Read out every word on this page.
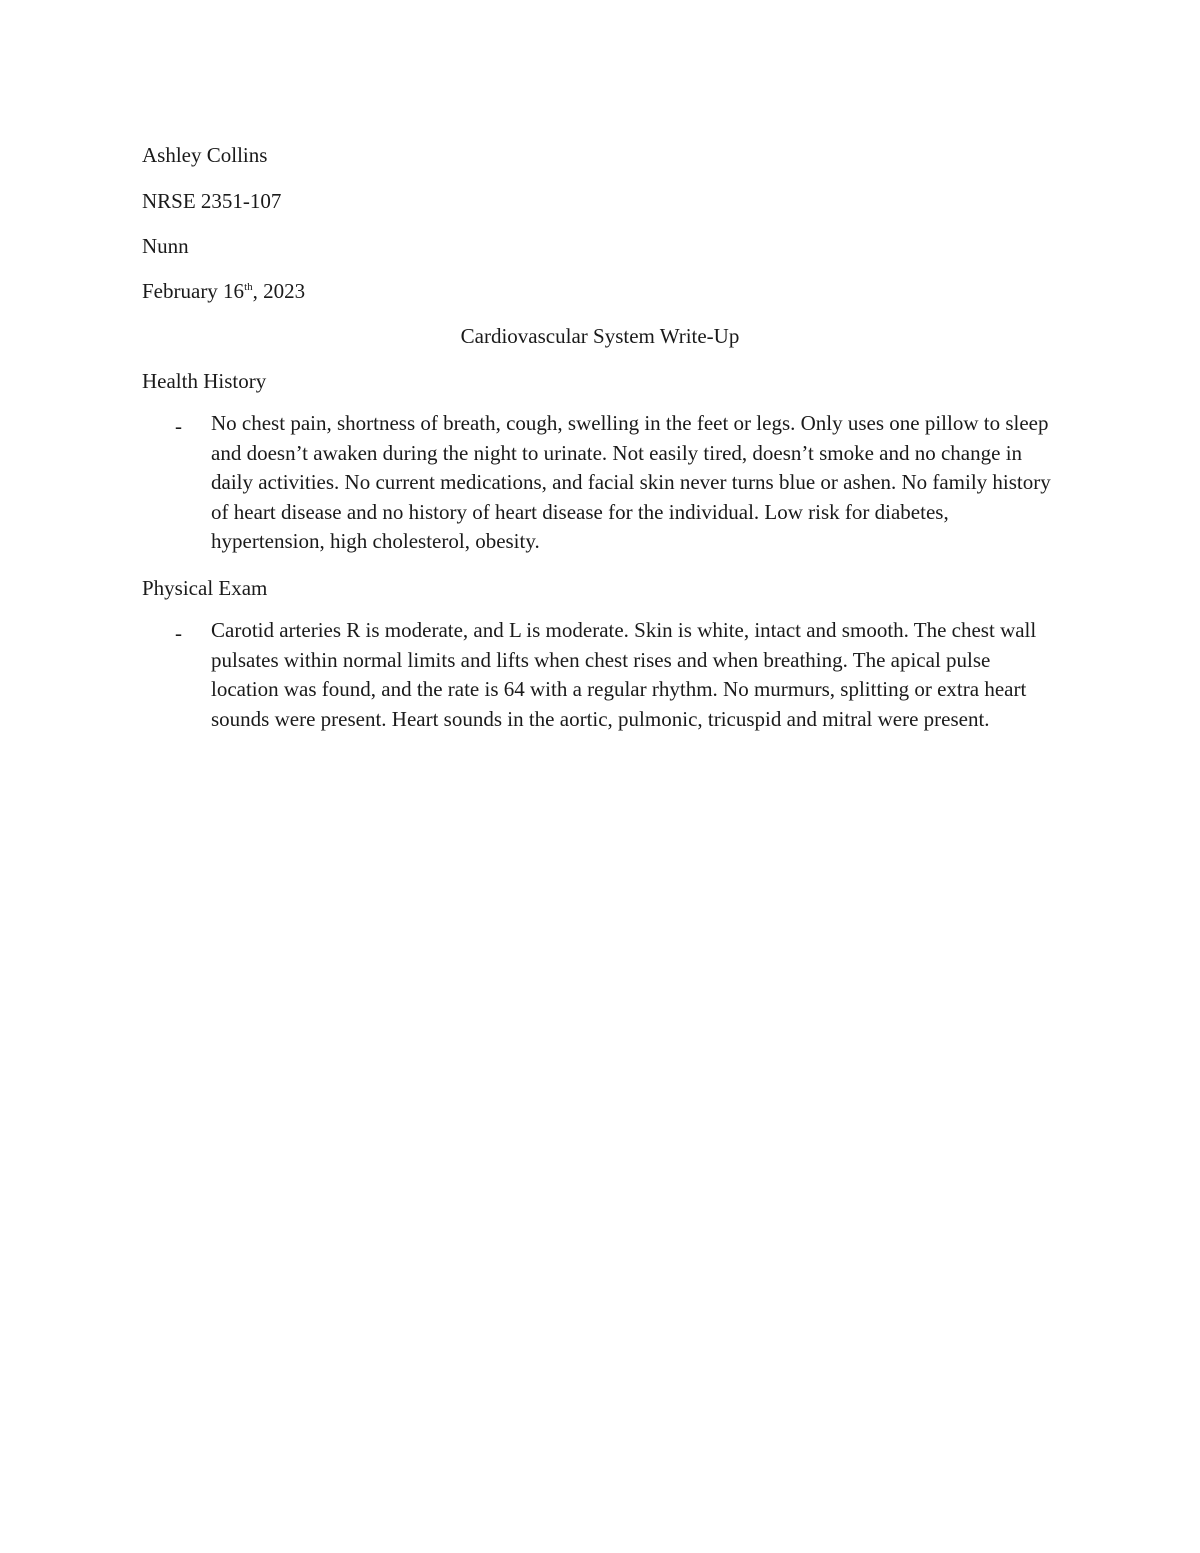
Ashley Collins
NRSE 2351-107
Nunn
February 16th, 2023
Cardiovascular System Write-Up
Health History
- No chest pain, shortness of breath, cough, swelling in the feet or legs. Only uses one pillow to sleep and doesn’t awaken during the night to urinate. Not easily tired, doesn’t smoke and no change in daily activities. No current medications, and facial skin never turns blue or ashen. No family history of heart disease and no history of heart disease for the individual. Low risk for diabetes, hypertension, high cholesterol, obesity.
Physical Exam
- Carotid arteries R is moderate, and L is moderate. Skin is white, intact and smooth. The chest wall pulsates within normal limits and lifts when chest rises and when breathing. The apical pulse location was found, and the rate is 64 with a regular rhythm. No murmurs, splitting or extra heart sounds were present. Heart sounds in the aortic, pulmonic, tricuspid and mitral were present.
